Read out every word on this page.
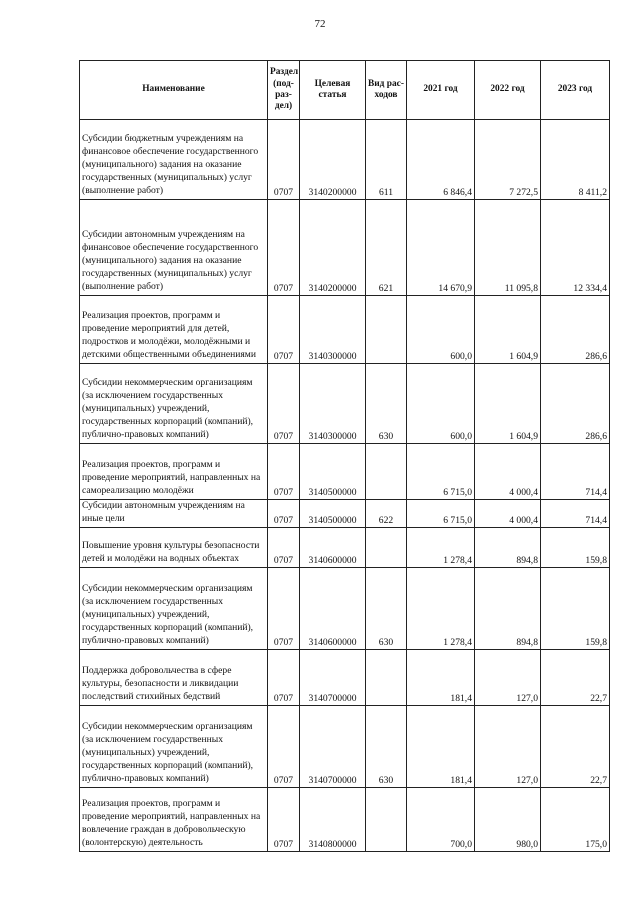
72
Наименование	Раздел (под-раз-дел)	Целевая статья	Вид рас-ходов	2021 год	2022 год	2023 год
Субсидии бюджетным учреждениям на финансовое обеспечение государственного (муниципального) задания на оказание государственных (муниципальных) услуг (выполнение работ)	0707	3140200000	611	6 846,4	7 272,5	8 411,2
Субсидии автономным учреждениям на финансовое обеспечение государственного (муниципального) задания на оказание государственных (муниципальных) услуг (выполнение работ)	0707	3140200000	621	14 670,9	11 095,8	12 334,4
Реализация проектов, программ и проведение мероприятий для детей, подростков и молодёжи, молодёжными и детскими общественными объединениями	0707	3140300000		600,0	1 604,9	286,6
Субсидии некоммерческим организациям (за исключением государственных (муниципальных) учреждений, государственных корпораций (компаний), публично-правовых компаний)	0707	3140300000	630	600,0	1 604,9	286,6
Реализация проектов, программ и проведение мероприятий, направленных на самореализацию молодёжи	0707	3140500000		6 715,0	4 000,4	714,4
Субсидии автономным учреждениям на иные цели	0707	3140500000	622	6 715,0	4 000,4	714,4
Повышение уровня культуры безопасности детей и молодёжи на водных объектах	0707	3140600000		1 278,4	894,8	159,8
Субсидии некоммерческим организациям (за исключением государственных (муниципальных) учреждений, государственных корпораций (компаний), публично-правовых компаний)	0707	3140600000	630	1 278,4	894,8	159,8
Поддержка добровольчества в сфере культуры, безопасности и ликвидации последствий стихийных бедствий	0707	3140700000		181,4	127,0	22,7
Субсидии некоммерческим организациям (за исключением государственных (муниципальных) учреждений, государственных корпораций (компаний), публично-правовых компаний)	0707	3140700000	630	181,4	127,0	22,7
Реализация проектов, программ и проведение мероприятий, направленных на вовлечение граждан в добровольческую (волонтерскую) деятельность	0707	3140800000		700,0	980,0	175,0
